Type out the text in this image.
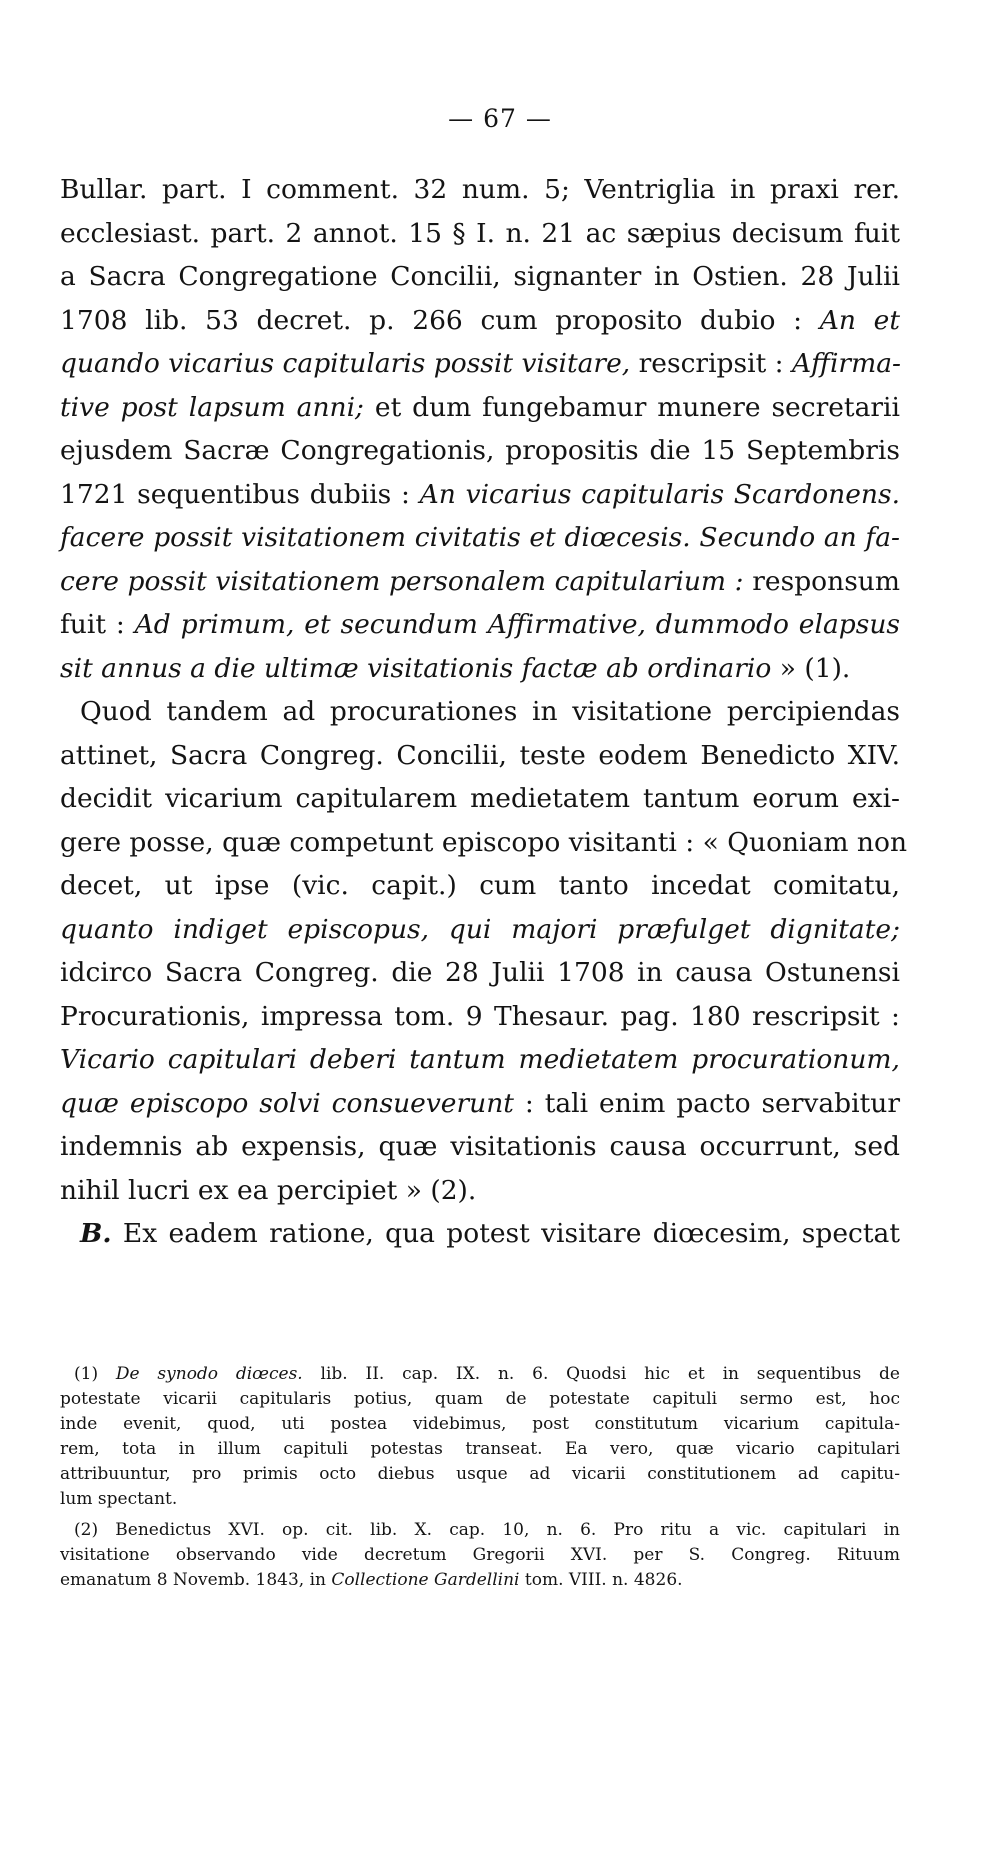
— 67 —
Bullar. part. I comment. 32 num. 5; Ventriglia in praxi rer.
ecclesiast. part. 2 annot. 15 § I. n. 21 ac sæpius decisum fuit
a Sacra Congregatione Concilii, signanter in Ostien. 28 Julii
1708 lib. 53 decret. p. 266 cum proposito dubio : An et
quando vicarius capitularis possit visitare, rescripsit : Affirma-
tive post lapsum anni; et dum fungebamur munere secretarii
ejusdem Sacræ Congregationis, propositis die 15 Septembris
1721 sequentibus dubiis : An vicarius capitularis Scardonens.
facere possit visitationem civitatis et diœcesis. Secundo an fa-
cere possit visitationem personalem capitularium : responsum
fuit : Ad primum, et secundum Affirmative, dummodo elapsus
sit annus a die ultimæ visitationis factæ ab ordinario » (1).
Quod tandem ad procurationes in visitatione percipiendas
attinet, Sacra Congreg. Concilii, teste eodem Benedicto XIV.
decidit vicarium capitularem medietatem tantum eorum exi-
gere posse, quæ competunt episcopo visitanti : « Quoniam non
decet, ut ipse (vic. capit.) cum tanto incedat comitatu,
quanto indiget episcopus, qui majori præfulget dignitate;
idcirco Sacra Congreg. die 28 Julii 1708 in causa Ostunensi
Procurationis, impressa tom. 9 Thesaur. pag. 180 rescripsit :
Vicario capitulari deberi tantum medietatem procurationum,
quæ episcopo solvi consueverunt : tali enim pacto servabitur
indemnis ab expensis, quæ visitationis causa occurrunt, sed
nihil lucri ex ea percipiet » (2).
B. Ex eadem ratione, qua potest visitare diœcesim, spectat
(1) De synodo diœces. lib. II. cap. IX. n. 6. Quodsi hic et in sequentibus de
potestate vicarii capitularis potius, quam de potestate capituli sermo est, hoc
inde evenit, quod, uti postea videbimus, post constitutum vicarium capitula-
rem, tota in illum capituli potestas transeat. Ea vero, quæ vicario capitulari
attribuuntur, pro primis octo diebus usque ad vicarii constitutionem ad capitu-
lum spectant.
(2) Benedictus XVI. op. cit. lib. X. cap. 10, n. 6. Pro ritu a vic. capitulari in
visitatione observando vide decretum Gregorii XVI. per S. Congreg. Rituum
emanatum 8 Novemb. 1843, in Collectione Gardellini tom. VIII. n. 4826.
